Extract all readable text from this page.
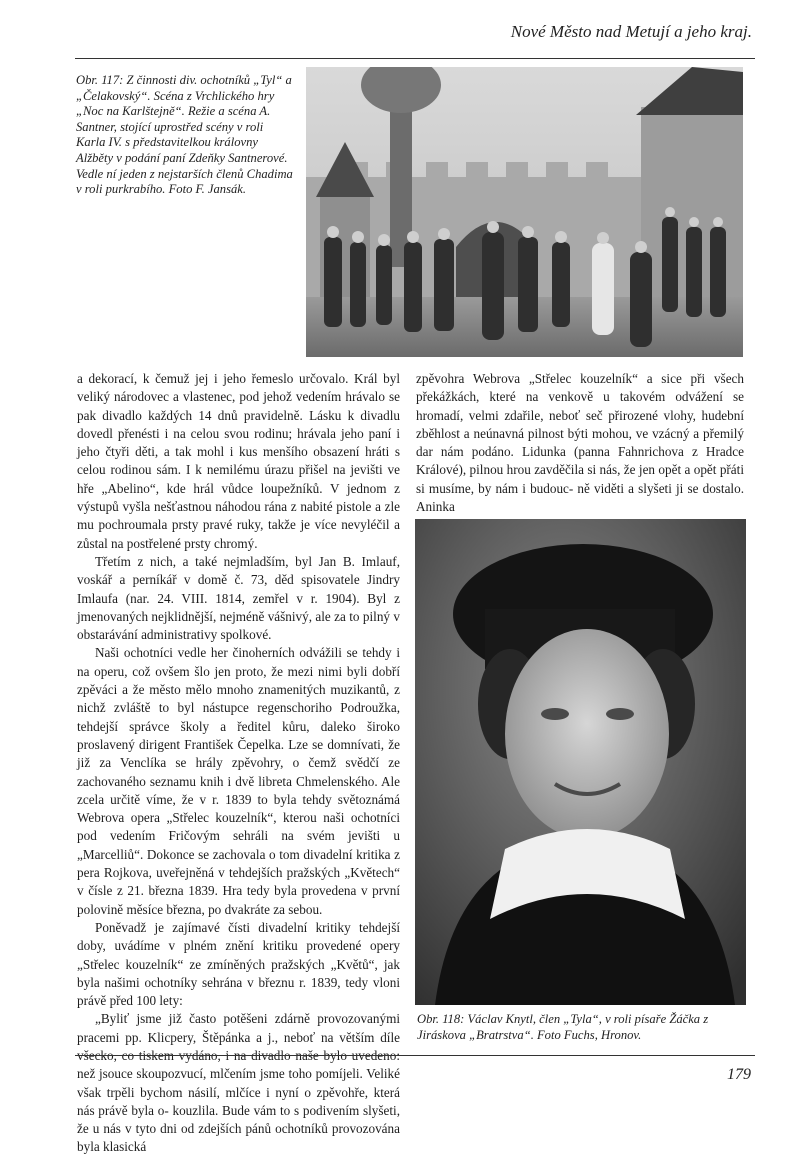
Nové Město nad Metují a jeho kraj.
Obr. 117: Z činnosti div. ochotníků „Tyl“ a „Čelakovský“. Scéna z Vrchlického hry „Noc na Karlštejně“. Režie a scéna A. Santner, stojící uprostřed scény v roli Karla IV. s představitelkou královny Alžběty v podání paní Zdeňky Santnerové. Vedle ní jeden z nejstarších členů Chadima v roli purkrabího. Foto F. Jansák.

a dekorací, k čemuž jej i jeho řemeslo určovalo. Král byl veliký národovec a vlastenec, pod jehož vedením hrávalo se pak divadlo každých 14 dnů pravidelně. Lásku k divadlu dovedl přenésti i na celou svou rodinu; hrávala jeho paní i jeho čtyři děti, a tak mohl i kus menšího obsazení hráti s celou rodinou sám. I k nemilému úrazu přišel na jevišti ve hře „Abelino“, kde hrál vůdce loupežníků. V jednom z výstupů vyšla nešťastnou náhodou rána z nabité pistole a zle mu pochroumala prsty pravé ruky, takže je více nevyléčil a zůstal na postřelené prsty chromý.

Třetím z nich, a také nejmladším, byl Jan B. Imlauf, voskář a perníkář v domě č. 73, děd spisovatele Jindry Imlaufa (nar. 24. VIII. 1814, zemřel v r. 1904). Byl z jmenovaných nejklidnější, nejméně vášnivý, ale za to pilný v obstarávání administrativy spolkové.

Naši ochotníci vedle her činoherních odvážili se tehdy i na operu, což ovšem šlo jen proto, že mezi nimi byli dobří zpěváci a že město mělo mnoho znamenitých muzikantů, z nichž zvláště to byl nástupce regenschoriho Podroužka, tehdejší správce školy a ředitel kůru, daleko široko proslavený dirigent František Čepelka. Lze se domnívati, že již za Venclíka se hrály zpěvohry, o čemž svědčí ze zachovaného seznamu knih i dvě libreta Chmelenského. Ale zcela určitě víme, že v r. 1839 to byla tehdy světoznámá Webrova opera „Střelec kouzelník“, kterou naši ochotníci pod vedením Fričovým sehráli na svém jevišti u „Marcelliů“. Dokonce se zachovala o tom divadelní kritika z pera Rojkova, uveřejněná v tehdejších pražských „Květech“ v čísle z 21. března 1839. Hra tedy byla provedena v první polovině měsíce března, po dvakráte za sebou.

Poněvadž je zajímavé čísti divadelní kritiky tehdejší doby, uvádíme v plném znění kritiku provedené opery „Střelec kouzelník“ ze zmíněných pražských „Květů“, jak byla našimi ochotníky sehrána v březnu r. 1839, tedy vloni právě před 100 lety:

„Byliť jsme již často potěšeni zdárně provozovanými pracemi pp. Klicpery, Štěpánka a j., neboť na větším díle všecko, co tiskem vydáno, i na divadlo naše bylo uvedeno: než jsouce skoupozvucí, mlčením jsme toho pomíjeli. Veliké však trpěli bychom násilí, mlčíce i nyní o zpěvohře, která nás právě byla o- kouzlila. Bude vám to s podivením slyšeti, že u nás v tyto dni od zdejších pánů ochotníků provozována byla klasická

zpěvohra Webrova „Střelec kouzelník“ a sice při všech překážkách, které na venkově u takovém odvážení se hromadí, velmi zdařile, neboť seč přirozené vlohy, hudební zběhlost a neúnavná pilnost býti mohou, ve vzácný a přemilý dar nám podáno. Lidunka (panna Fahnrichova z Hradce Králové), pilnou hrou zavděčila si nás, že jen opět a opět přáti si musíme, by nám i budouc- ně viděti a slyšeti ji se dostalo. Aninka

Obr. 118: Václav Knytl, člen „Tyla“, v roli písaře Žáčka z Jiráskova „Bratrstva“. Foto Fuchs, Hronov.
179
